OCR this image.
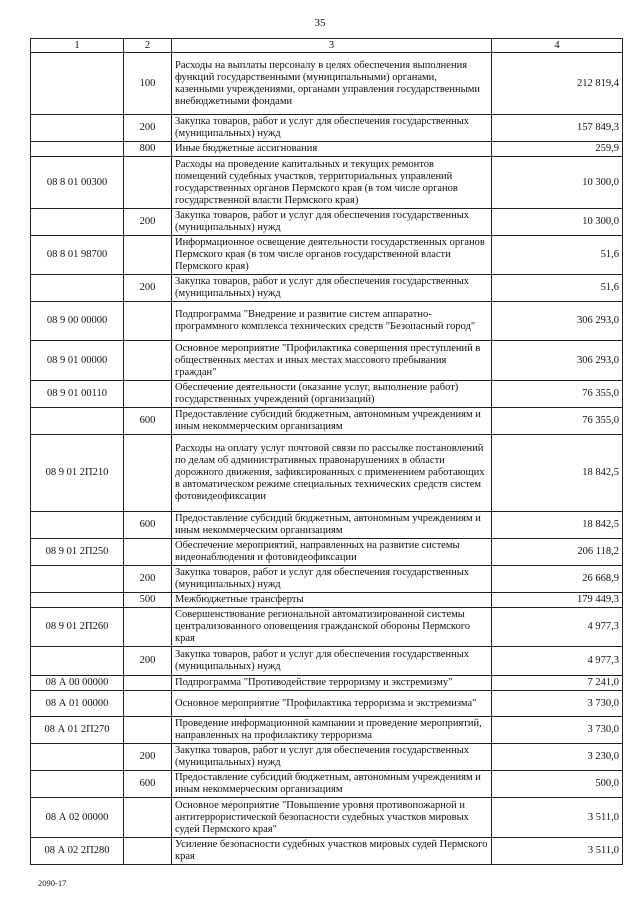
35
1	2	3	4
	100	Расходы на выплаты персоналу в целях обеспечения выполнения функций государственными (муниципальными) органами, казенными учреждениями, органами управления государственными внебюджетными фондами	212 819,4
	200	Закупка товаров, работ и услуг для обеспечения государственных (муниципальных) нужд	157 849,3
	800	Иные бюджетные ассигнования	259,9
08 8 01 00300		Расходы на проведение капитальных и текущих ремонтов помещений судебных участков, территориальных управлений государственных органов Пермского края (в том числе органов государственной власти Пермского края)	10 300,0
	200	Закупка товаров, работ и услуг для обеспечения государственных (муниципальных) нужд	10 300,0
08 8 01 98700		Информационное освещение деятельности государственных органов Пермского края (в том числе органов государственной власти Пермского края)	51,6
	200	Закупка товаров, работ и услуг для обеспечения государственных (муниципальных) нужд	51,6
08 9 00 00000		Подпрограмма "Внедрение и развитие систем аппаратно-программного комплекса технических средств "Безопасный город"	306 293,0
08 9 01 00000		Основное мероприятие "Профилактика совершения преступлений в общественных местах и иных местах массового пребывания граждан"	306 293,0
08 9 01 00110		Обеспечение деятельности (оказание услуг, выполнение работ) государственных учреждений (организаций)	76 355,0
	600	Предоставление субсидий бюджетным, автономным учреждениям и иным некоммерческим организациям	76 355,0
08 9 01 2П210		Расходы на оплату услуг почтовой связи по рассылке постановлений по делам об административных правонарушениях в области дорожного движения, зафиксированных с применением работающих в автоматическом режиме специальных технических средств систем фотовидеофиксации	18 842,5
	600	Предоставление субсидий бюджетным, автономным учреждениям и иным некоммерческим организациям	18 842,5
08 9 01 2П250		Обеспечение мероприятий, направленных на развитие системы видеонаблюдения и фотовидеофиксации	206 118,2
	200	Закупка товаров, работ и услуг для обеспечения государственных (муниципальных) нужд	26 668,9
	500	Межбюджетные трансферты	179 449,3
08 9 01 2П260		Совершенствование региональной автоматизированной системы централизованного оповещения гражданской обороны Пермского края	4 977,3
	200	Закупка товаров, работ и услуг для обеспечения государственных (муниципальных) нужд	4 977,3
08 А 00 00000		Подпрограмма "Противодействие терроризму и экстремизму"	7 241,0
08 А 01 00000		Основное мероприятие "Профилактика терроризма и экстремизма"	3 730,0
08 А 01 2П270		Проведение информационной кампании и проведение мероприятий, направленных на профилактику терроризма	3 730,0
	200	Закупка товаров, работ и услуг для обеспечения государственных (муниципальных) нужд	3 230,0
	600	Предоставление субсидий бюджетным, автономным учреждениям и иным некоммерческим организациям	500,0
08 А 02 00000		Основное мероприятие "Повышение уровня противопожарной и антитеррористической безопасности судебных участков мировых судей Пермского края"	3 511,0
08 А 02 2П280		Усиление безопасности судебных участков мировых судей Пермского края	3 511,0
2090-17
